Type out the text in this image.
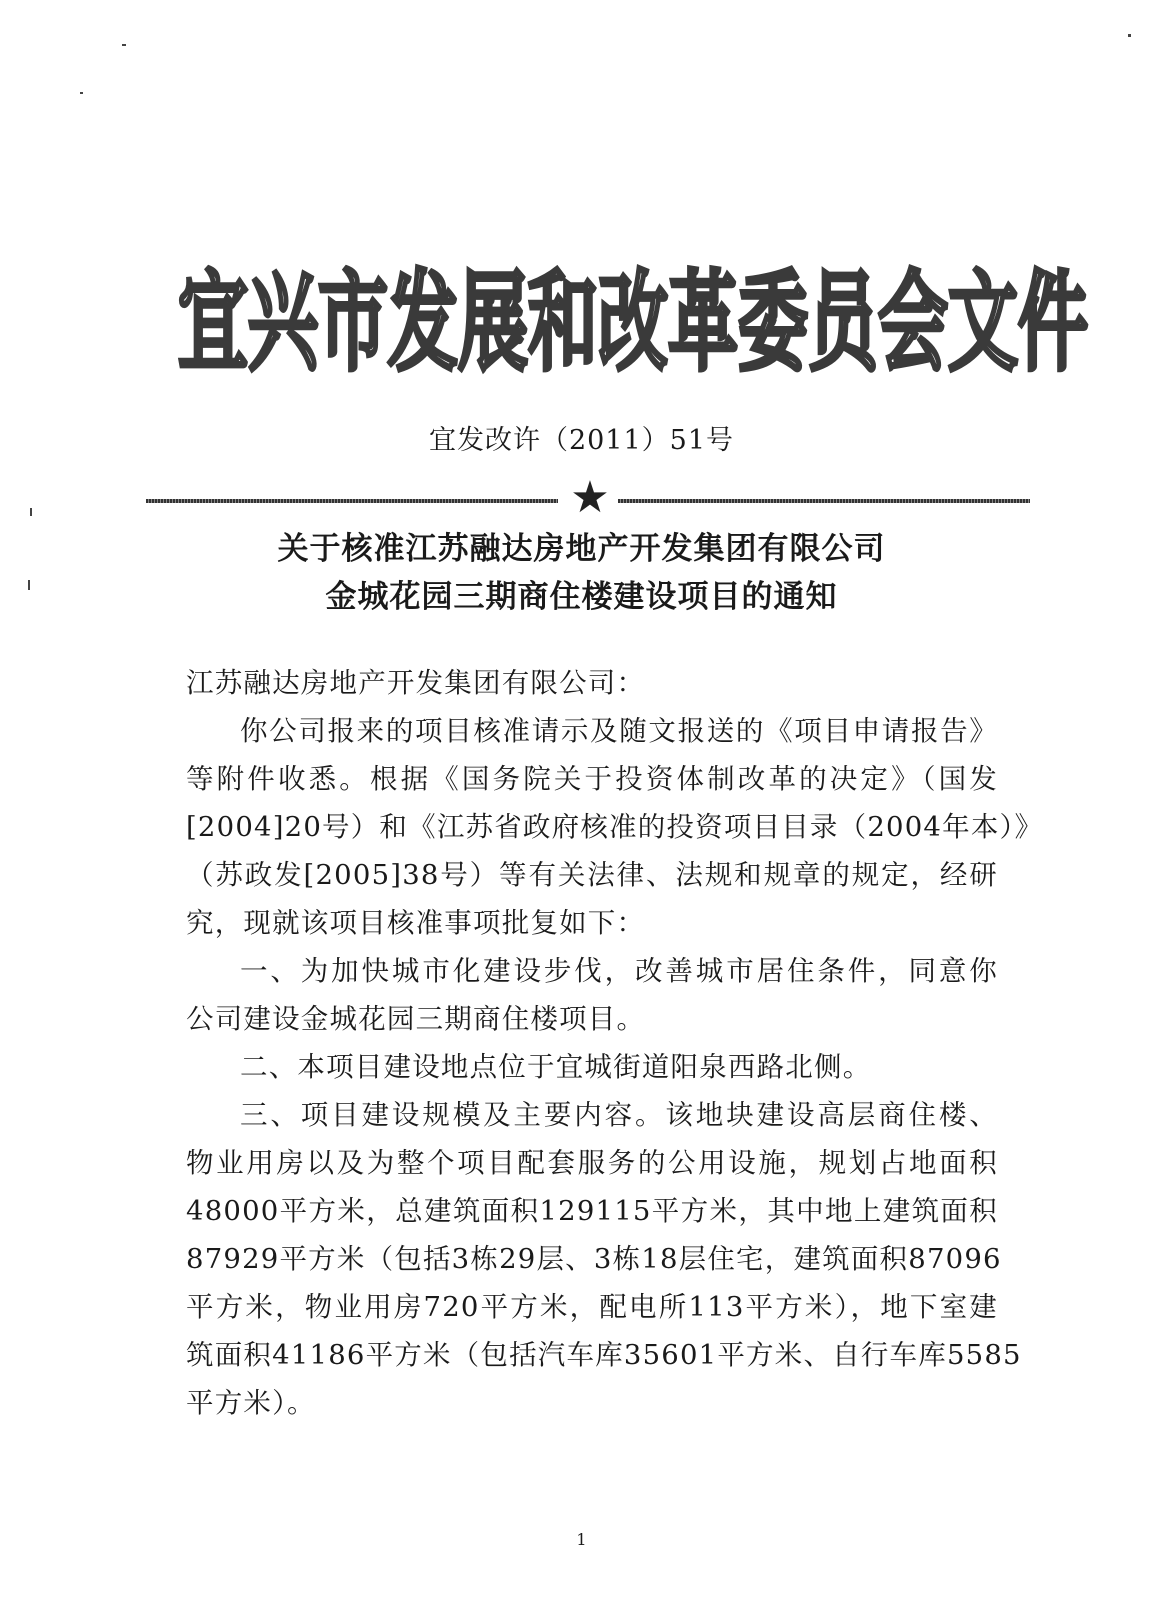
宜 兴 市 发 展 和 改 革 委 员 会 文 件
宜发改许（2011）51号
★
关于核准江苏融达房地产开发集团有限公司
金城花园三期商住楼建设项目的通知
江苏融达房地产开发集团有限公司：
你公司报来的项目核准请示及随文报送的《项目申请报告》
等附件收悉。根据《国务院关于投资体制改革的决定》（国发
[2004]20号）和《江苏省政府核准的投资项目目录（2004年本）》
（苏政发[2005]38号）等有关法律、法规和规章的规定，经研
究，现就该项目核准事项批复如下：
一、为加快城市化建设步伐，改善城市居住条件，同意你
公司建设金城花园三期商住楼项目。
二、本项目建设地点位于宜城街道阳泉西路北侧。
三、项目建设规模及主要内容。该地块建设高层商住楼、
物业用房以及为整个项目配套服务的公用设施，规划占地面积
48000平方米，总建筑面积129115平方米，其中地上建筑面积
87929平方米（包括3栋29层、3栋18层住宅，建筑面积87096
平方米，物业用房720平方米，配电所113平方米），地下室建
筑面积41186平方米（包括汽车库35601平方米、自行车库5585
平方米）。
1
